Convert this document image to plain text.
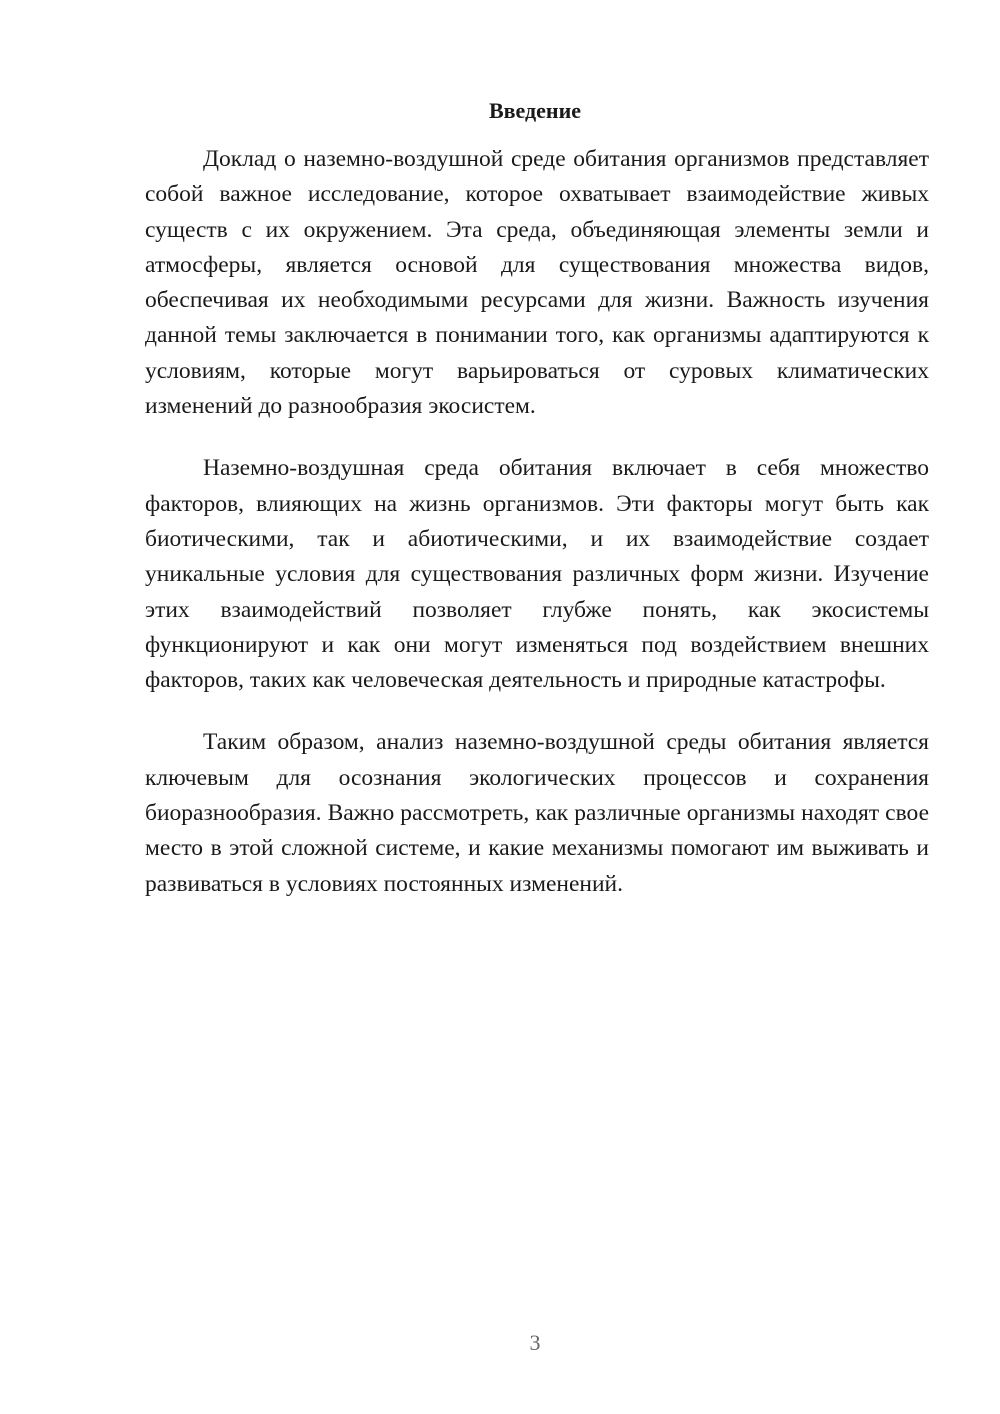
Введение

Доклад о наземно-воздушной среде обитания организмов представляет собой важное исследование, которое охватывает взаимодействие живых существ с их окружением. Эта среда, объединяющая элементы земли и атмосферы, является основой для существования множества видов, обеспечивая их необходимыми ресурсами для жизни. Важность изучения данной темы заключается в понимании того, как организмы адаптируются к условиям, которые могут варьироваться от суровых климатических изменений до разнообразия экосистем.

Наземно-воздушная среда обитания включает в себя множество факторов, влияющих на жизнь организмов. Эти факторы могут быть как биотическими, так и абиотическими, и их взаимодействие создает уникальные условия для существования различных форм жизни. Изучение этих взаимодействий позволяет глубже понять, как экосистемы функционируют и как они могут изменяться под воздействием внешних факторов, таких как человеческая деятельность и природные катастрофы.

Таким образом, анализ наземно-воздушной среды обитания является ключевым для осознания экологических процессов и сохранения биоразнообразия. Важно рассмотреть, как различные организмы находят свое место в этой сложной системе, и какие механизмы помогают им выживать и развиваться в условиях постоянных изменений.

3
